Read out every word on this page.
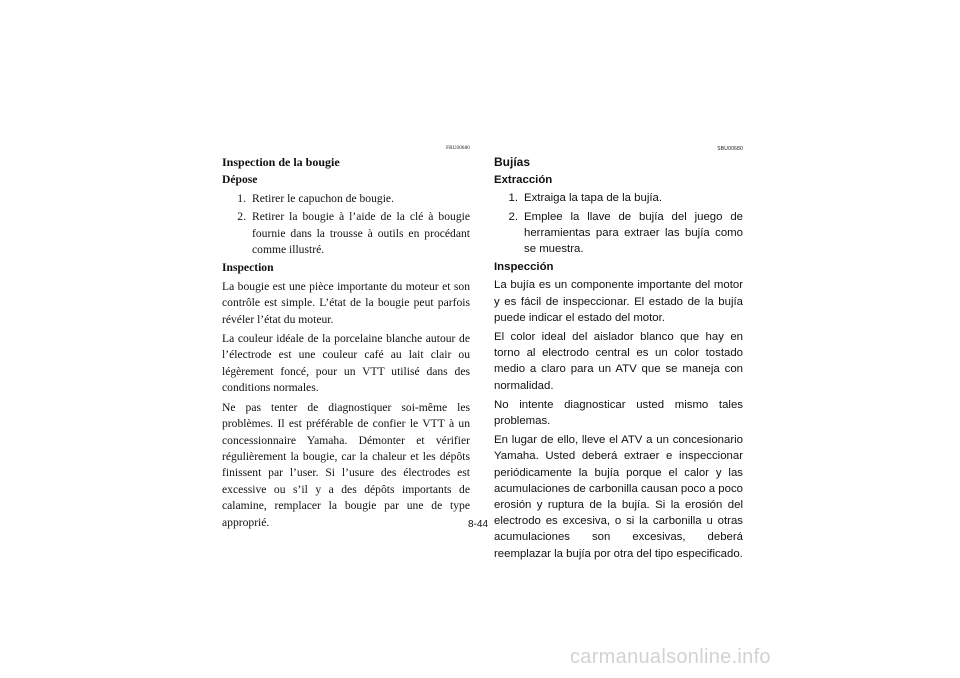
FBU00680
Inspection de la bougie
Dépose
1. Retirer le capuchon de bougie.
2. Retirer la bougie à l’aide de la clé à bougie fournie dans la trousse à outils en procédant comme illustré.
Inspection

La bougie est une pièce importante du moteur et son contrôle est simple. L’état de la bougie peut parfois révéler l’état du moteur.

La couleur idéale de la porcelaine blanche autour de l’électrode est une couleur café au lait clair ou légèrement foncé, pour un VTT utilisé dans des conditions normales.

Ne pas tenter de diagnostiquer soi-même les problèmes. Il est préférable de confier le VTT à un concessionnaire Yamaha. Démonter et vérifier régulièrement la bougie, car la chaleur et les dépôts finissent par l’user. Si l’usure des électrodes est excessive ou s’il y a des dépôts importants de calamine, remplacer la bougie par une de type approprié.

SBU00680
Bujías
Extracción
1. Extraiga la tapa de la bujía.
2. Emplee la llave de bujía del juego de herramientas para extraer las bujía como se muestra.
Inspección

La bujía es un componente importante del motor y es fácil de inspeccionar. El estado de la bujía puede indicar el estado del motor.

El color ideal del aislador blanco que hay en torno al electrodo central es un color tostado medio a claro para un ATV que se maneja con normalidad.

No intente diagnosticar usted mismo tales problemas.

En lugar de ello, lleve el ATV a un concesionario Yamaha. Usted deberá extraer e inspeccionar periódicamente la bujía porque el calor y las acumulaciones de carbonilla causan poco a poco erosión y ruptura de la bujía. Si la erosión del electrodo es excesiva, o si la carbonilla u otras acumulaciones son excesivas, deberá reemplazar la bujía por otra del tipo especificado.

8-44
carmanualsonline.info
